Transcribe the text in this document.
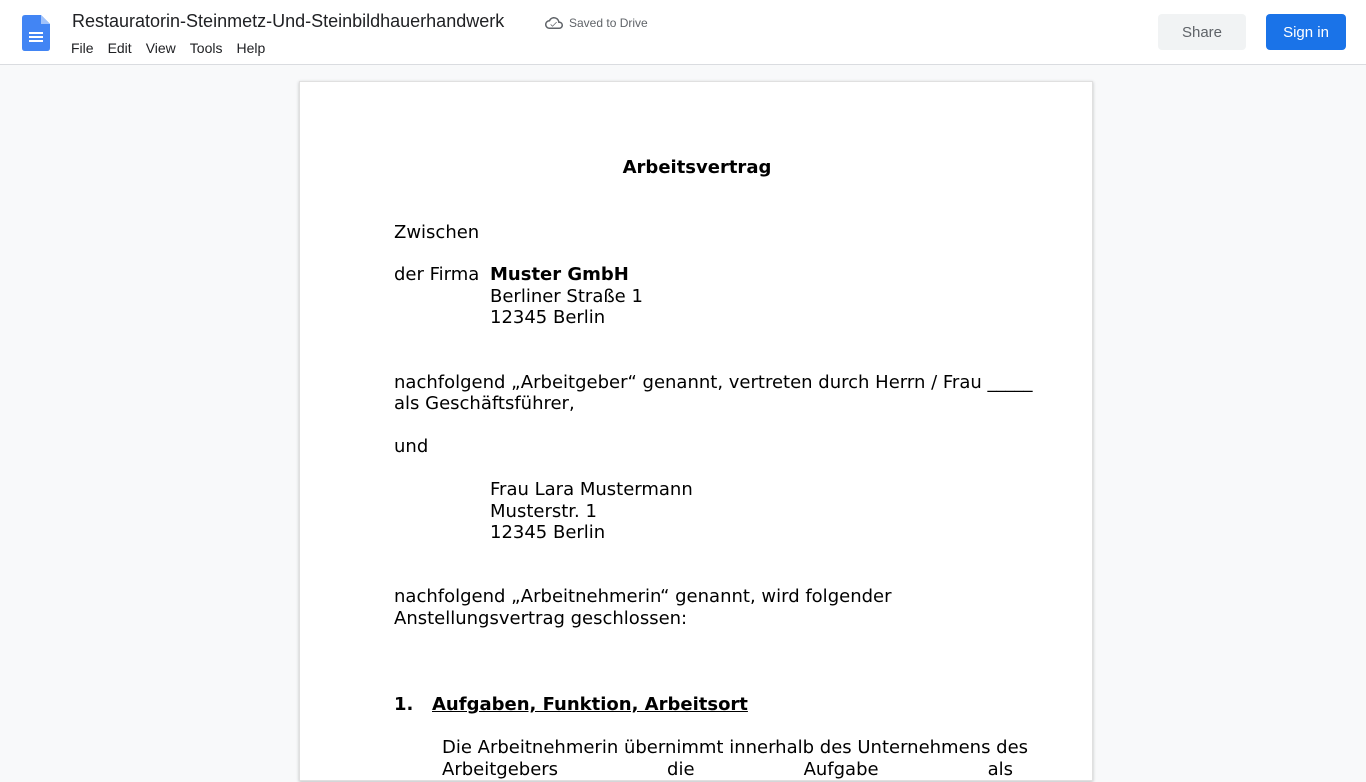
Restauratorin-Steinmetz-Und-Steinbildhauerhandwerk	Saved to Drive
File	Edit	View	Tools	Help
Share	Sign in
Arbeitsvertrag
Zwischen
der Firma Muster GmbH
Berliner Straße 1
12345 Berlin
nachfolgend „Arbeitgeber“ genannt, vertreten durch Herrn / Frau _____
als Geschäftsführer,
und
Frau Lara Mustermann
Musterstr. 1
12345 Berlin
nachfolgend „Arbeitnehmerin“ genannt, wird folgender
Anstellungsvertrag geschlossen:
1. Aufgaben, Funktion, Arbeitsort
Die Arbeitnehmerin übernimmt innerhalb des Unternehmens des
Arbeitgebers die Aufgabe als
